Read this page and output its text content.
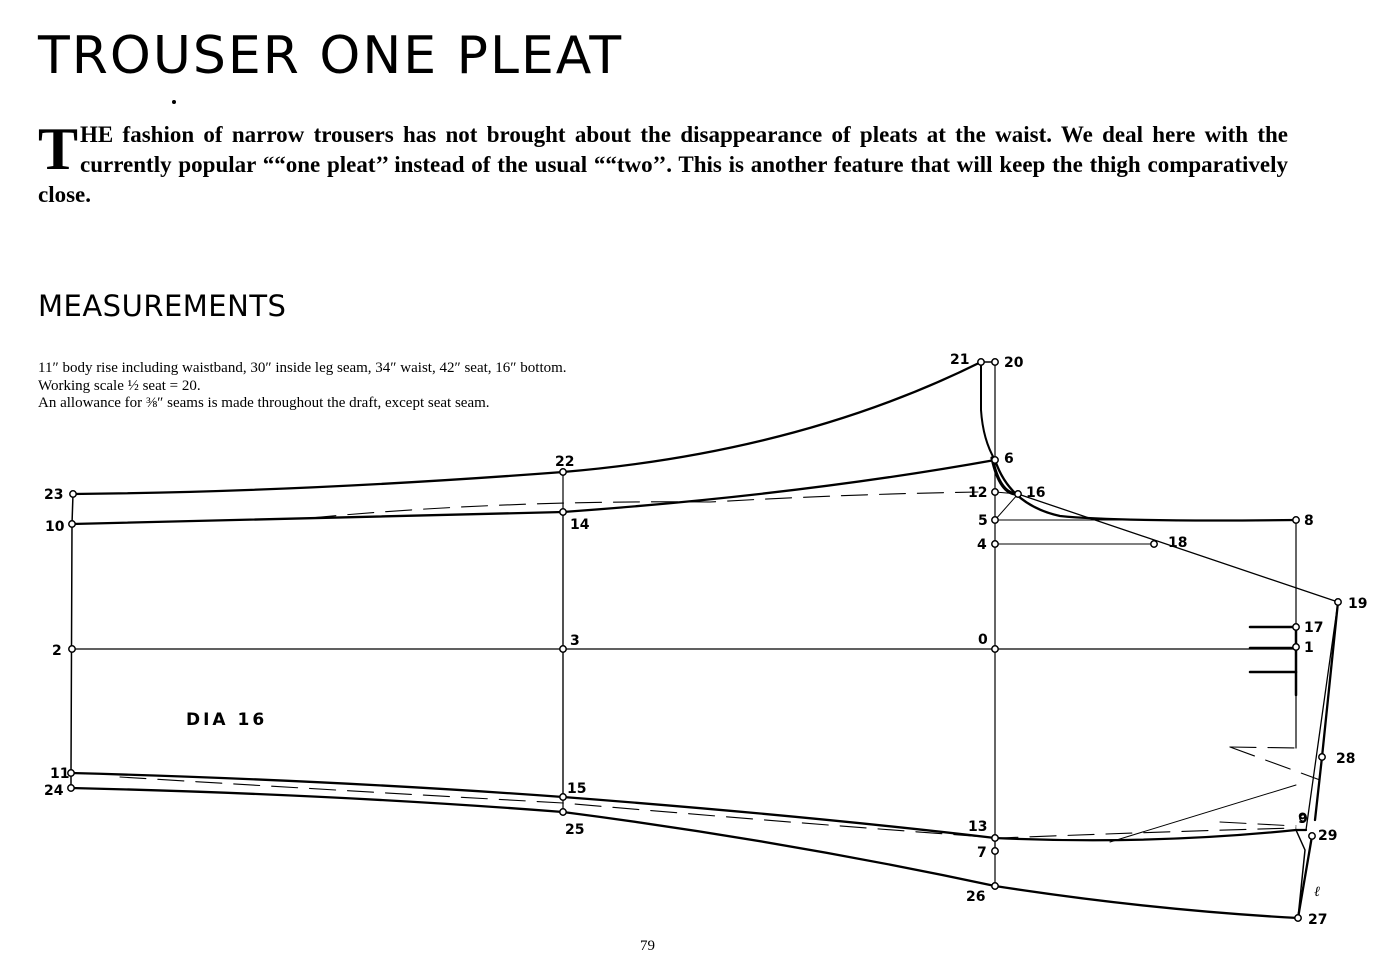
TROUSER ONE PLEAT

THE fashion of narrow trousers has not brought about the disappearance of pleats at the waist. We deal here with the currently popular ““one pleat’’ instead of the usual ““two’’. This is another feature that will keep the thigh comparatively close.

MEASUREMENTS
11″ body rise including waistband, 30″ inside leg seam, 34″ waist, 42″ seat, 16″ bottom.
Working scale ½ seat = 20.
An allowance for ⅜″ seams is made throughout the draft, except seat seam.
0	1
2
3
4
5
6
7
8
9
10
11
12
13
14
15
16
17
18
19
20
21
22
23
24
25
26
27
28
29
DIA 16
ℓ
79
